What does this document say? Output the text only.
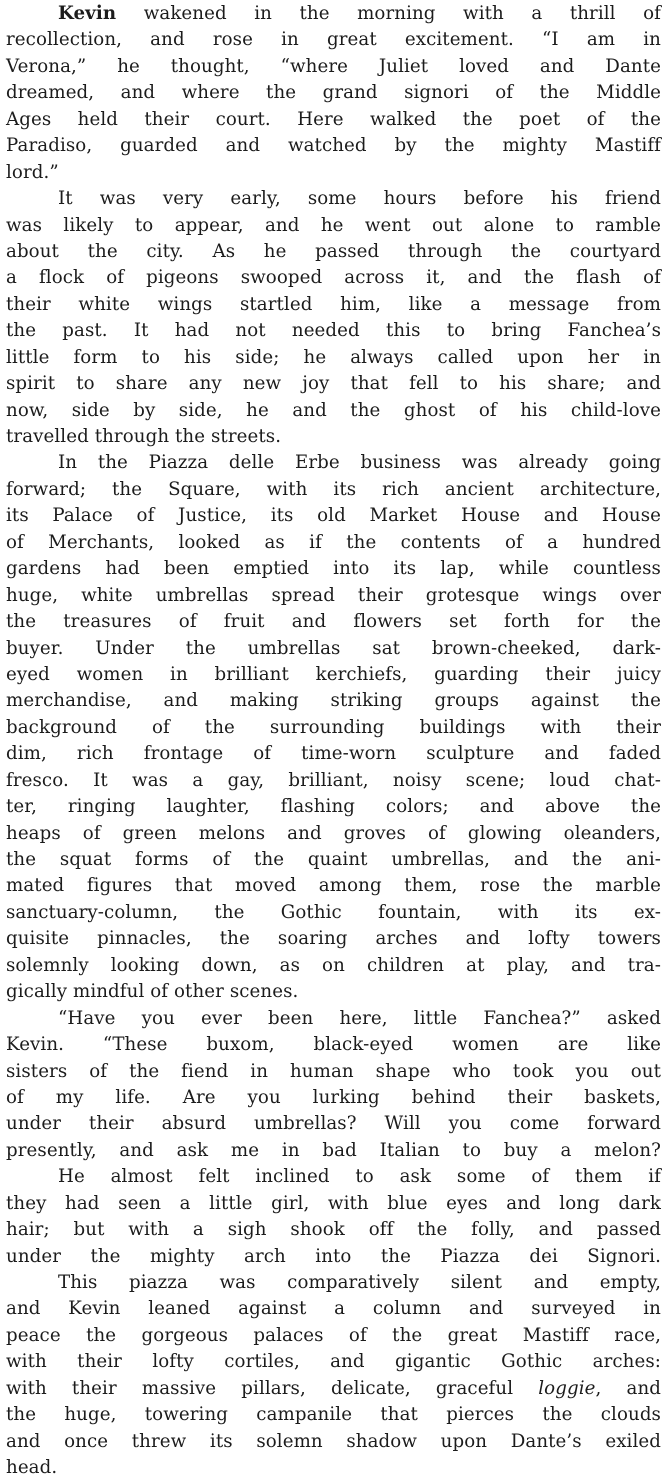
Kevin wakened in the morning with a thrill of
recollection, and rose in great excitement. “I am in
Verona,” he thought, “where Juliet loved and Dante
dreamed, and where the grand signori of the Middle
Ages held their court. Here walked the poet of the
Paradiso, guarded and watched by the mighty Mastiff
lord.”
It was very early, some hours before his friend
was likely to appear, and he went out alone to ramble
about the city. As he passed through the courtyard
a flock of pigeons swooped across it, and the flash of
their white wings startled him, like a message from
the past. It had not needed this to bring Fanchea’s
little form to his side; he always called upon her in
spirit to share any new joy that fell to his share; and
now, side by side, he and the ghost of his child-love
travelled through the streets.
In the Piazza delle Erbe business was already going
forward; the Square, with its rich ancient architecture,
its Palace of Justice, its old Market House and House
of Merchants, looked as if the contents of a hundred
gardens had been emptied into its lap, while countless
huge, white umbrellas spread their grotesque wings over
the treasures of fruit and flowers set forth for the
buyer. Under the umbrellas sat brown-cheeked, dark-
eyed women in brilliant kerchiefs, guarding their juicy
merchandise, and making striking groups against the
background of the surrounding buildings with their
dim, rich frontage of time-worn sculpture and faded
fresco. It was a gay, brilliant, noisy scene; loud chat-
ter, ringing laughter, flashing colors; and above the
heaps of green melons and groves of glowing oleanders,
the squat forms of the quaint umbrellas, and the ani-
mated figures that moved among them, rose the marble
sanctuary-column, the Gothic fountain, with its ex-
quisite pinnacles, the soaring arches and lofty towers
solemnly looking down, as on children at play, and tra-
gically mindful of other scenes.
“Have you ever been here, little Fanchea?” asked
Kevin. “These buxom, black-eyed women are like
sisters of the fiend in human shape who took you out
of my life. Are you lurking behind their baskets,
under their absurd umbrellas? Will you come forward
presently, and ask me in bad Italian to buy a melon?
He almost felt inclined to ask some of them if
they had seen a little girl, with blue eyes and long dark
hair; but with a sigh shook off the folly, and passed
under the mighty arch into the Piazza dei Signori.
This piazza was comparatively silent and empty,
and Kevin leaned against a column and surveyed in
peace the gorgeous palaces of the great Mastiff race,
with their lofty cortiles, and gigantic Gothic arches:
with their massive pillars, delicate, graceful loggie, and
the huge, towering campanile that pierces the clouds
and once threw its solemn shadow upon Dante’s exiled
head.
